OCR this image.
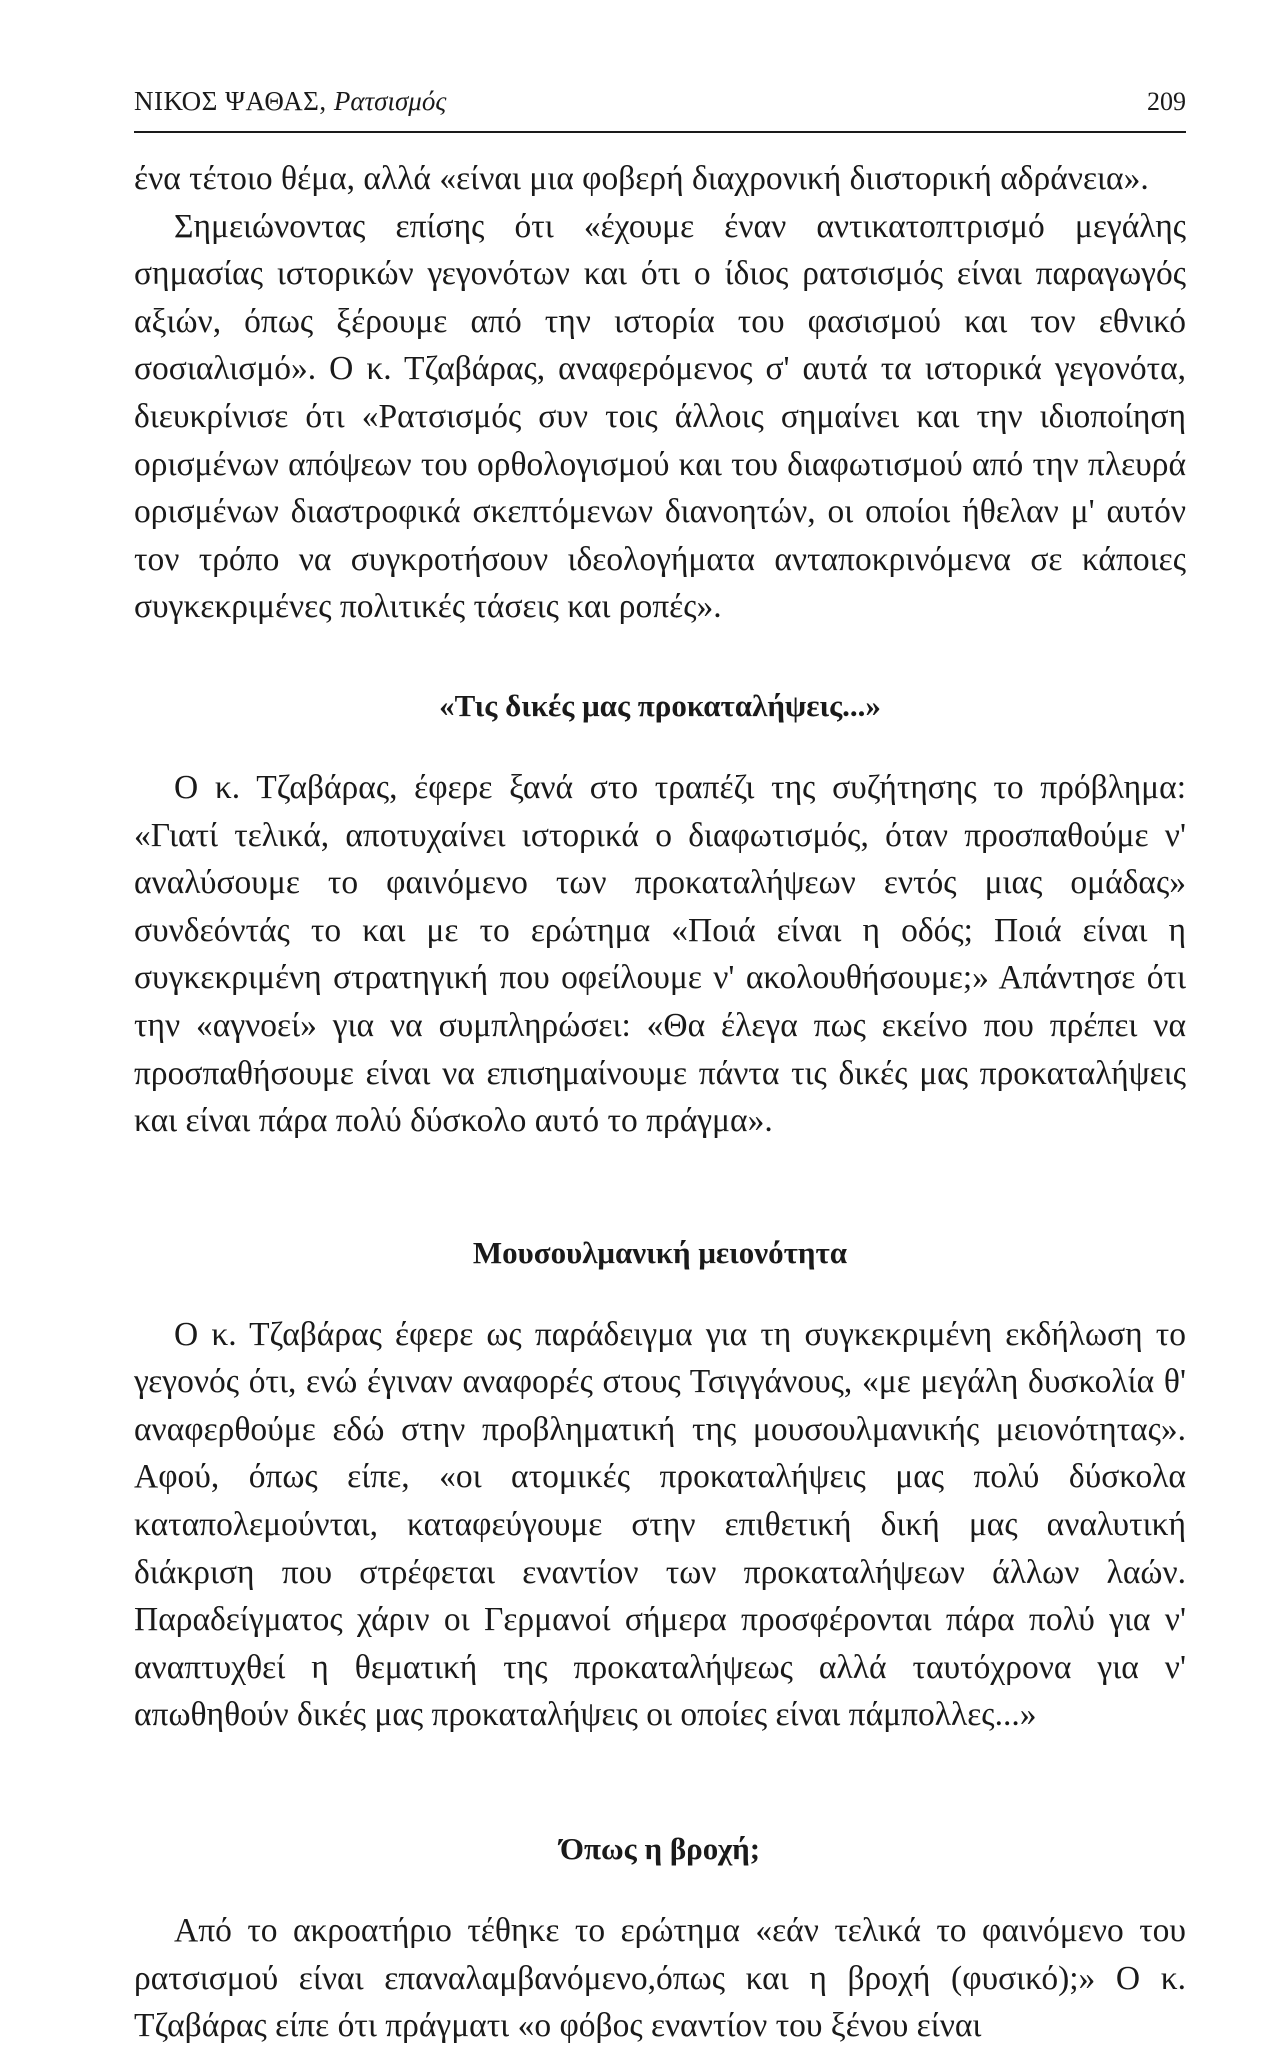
ΝΙΚΟΣ ΨΑΘΑΣ, Ρατσισμός	209

ένα τέτοιο θέμα, αλλά «είναι μια φοβερή διαχρονική διιστορική αδράνεια».

Σημειώνοντας επίσης ότι «έχουμε έναν αντικατοπτρισμό μεγάλης σημασίας ιστορικών γεγονότων και ότι ο ίδιος ρατσισμός είναι παραγωγός αξιών, όπως ξέρουμε από την ιστορία του φασισμού και τον εθνικό σοσιαλισμό». Ο κ. Τζαβάρας, αναφερόμενος σ' αυτά τα ιστορικά γεγονότα, διευκρίνισε ότι «Ρατσισμός συν τοις άλλοις σημαίνει και την ιδιοποίηση ορισμένων απόψεων του ορθολογισμού και του διαφωτισμού από την πλευρά ορισμένων διαστροφικά σκεπτόμενων διανοητών, οι οποίοι ήθελαν μ' αυτόν τον τρόπο να συγκροτήσουν ιδεολογήματα ανταποκρινόμενα σε κάποιες συγκεκριμένες πολιτικές τάσεις και ροπές».

«Τις δικές μας προκαταλήψεις...»

Ο κ. Τζαβάρας, έφερε ξανά στο τραπέζι της συζήτησης το πρόβλημα: «Γιατί τελικά, αποτυχαίνει ιστορικά ο διαφωτισμός, όταν προσπαθούμε ν' αναλύσουμε το φαινόμενο των προκαταλήψεων εντός μιας ομάδας» συνδεόντάς το και με το ερώτημα «Ποιά είναι η οδός; Ποιά είναι η συγκεκριμένη στρατηγική που οφείλουμε ν' ακολουθήσουμε;» Απάντησε ότι την «αγνοεί» για να συμπληρώσει: «Θα έλεγα πως εκείνο που πρέπει να προσπαθήσουμε είναι να επισημαίνουμε πάντα τις δικές μας προκαταλήψεις και είναι πάρα πολύ δύσκολο αυτό το πράγμα».

Μουσουλμανική μειονότητα

Ο κ. Τζαβάρας έφερε ως παράδειγμα για τη συγκεκριμένη εκδήλωση το γεγονός ότι, ενώ έγιναν αναφορές στους Τσιγγάνους, «με μεγάλη δυσκολία θ' αναφερθούμε εδώ στην προβληματική της μουσουλμανικής μειονότητας». Αφού, όπως είπε, «οι ατομικές προκαταλήψεις μας πολύ δύσκολα καταπολεμούνται, καταφεύγουμε στην επιθετική δική μας αναλυτική διάκριση που στρέφεται εναντίον των προκαταλήψεων άλλων λαών. Παραδείγματος χάριν οι Γερμανοί σήμερα προσφέρονται πάρα πολύ για ν' αναπτυχθεί η θεματική της προκαταλήψεως αλλά ταυτόχρονα για ν' απωθηθούν δικές μας προκαταλήψεις οι οποίες είναι πάμπολλες...»

Όπως η βροχή;

Από το ακροατήριο τέθηκε το ερώτημα «εάν τελικά το φαινόμενο του ρατσισμού είναι επαναλαμβανόμενο,όπως και η βροχή (φυσικό);» Ο κ. Τζαβάρας είπε ότι πράγματι «ο φόβος εναντίον του ξένου είναι
